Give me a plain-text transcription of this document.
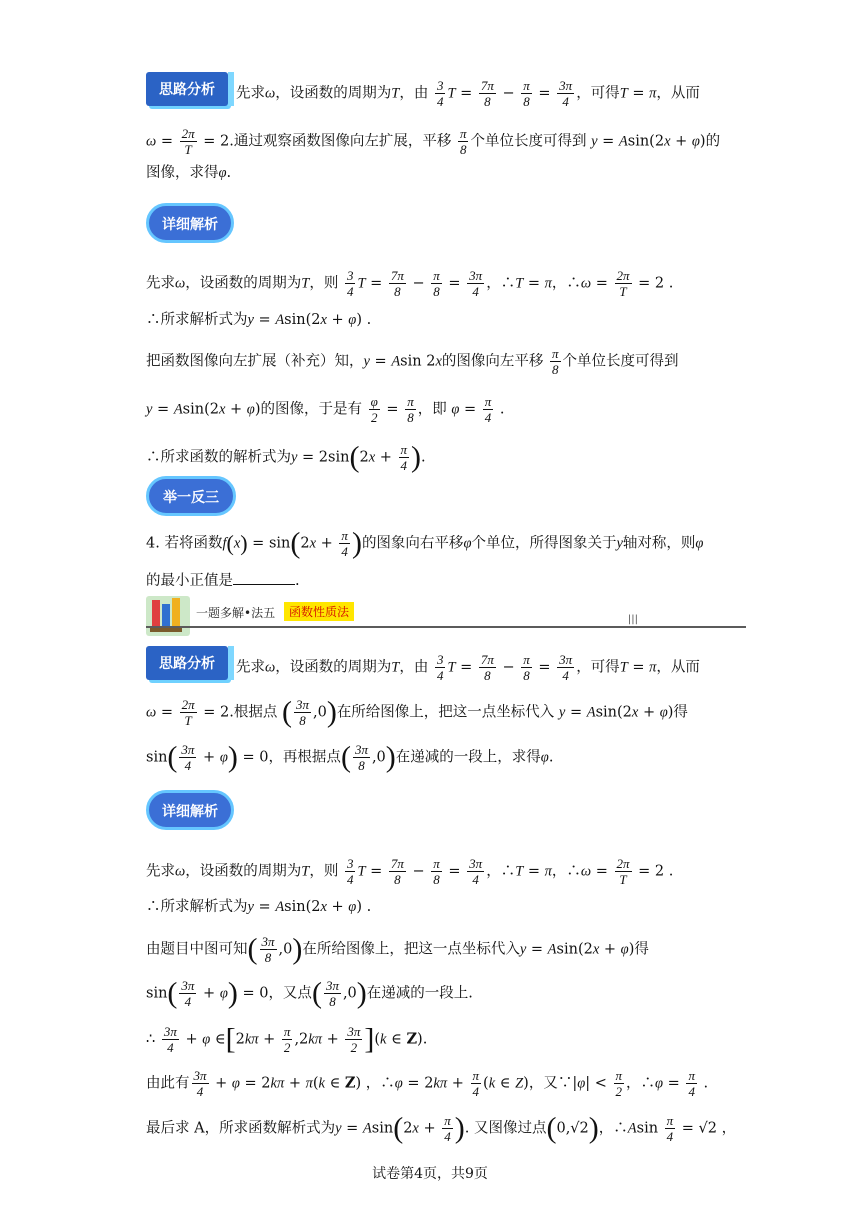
思路分析	先求ω，设函数的周期为T，由 $\frac{3}{4}$ $T = \frac{7\pi}{8} - \frac{\pi}{8} = \frac{3\pi}{4}$ ，可得T = π，从而
$\omega = \frac{2\pi}{T} = 2$.通过观察函数图像向左扩展，平移 $\frac{\pi}{8}$ 个单位长度可得到 y = Asin(2x + φ)的
图像，求得φ.
详细解析
先求ω，设函数的周期为T，则 $\frac{3}{4}$ $T = \frac{7\pi}{8} - \frac{\pi}{8} = \frac{3\pi}{4}$ ，∴T = π，∴ω = $\frac{2\pi}{T} = 2$ .
∴所求解析式为y = Asin(2x + φ) .
把函数图像向左扩展（补充）知，y = Asin 2x的图像向左平移 $\frac{\pi}{8}$ 个单位长度可得到
y = Asin(2x + φ)的图像，于是有 $\frac{\varphi}{2} = \frac{\pi}{8}$ ，即 $\varphi = \frac{\pi}{4}$ .
∴所求函数的解析式为$y = 2\sin(2x + \frac{\pi}{4}$ ).
举一反三
4. 若将函数$f(x) = \sin(2x + \frac{\pi}{4}$ )的图象向右平移φ个单位，所得图象关于y轴对称，则φ
的最小正值是	.
一题多解•法五	函数性质法
|||
思路分析	先求ω，设函数的周期为T，由 $\frac{3}{4}$ $T = \frac{7\pi}{8} - \frac{\pi}{8} = \frac{3\pi}{4}$ ，可得T = π，从而
$\omega = \frac{2\pi}{T} = 2$.根据点 ( $\frac{3\pi}{8} ,0$)在所给图像上，把这一点坐标代入 y = Asin(2x + φ)得
$\sin( \frac{3\pi}{4} + \varphi) = 0$，再根据点( $\frac{3\pi}{8} ,0$)在递减的一段上，求得φ.
详细解析
先求ω，设函数的周期为T，则 $\frac{3}{4}$ $T = \frac{7\pi}{8} - \frac{\pi}{8} = \frac{3\pi}{4}$ ，∴T = π，∴ω = $\frac{2\pi}{T} = 2$ .
∴所求解析式为y = Asin(2x + φ) .
由题目中图可知( $\frac{3\pi}{8} ,0$)在所给图像上，把这一点坐标代入y = Asin(2x + φ)得
$\sin( \frac{3\pi}{4} + \varphi) = 0$，又点( $\frac{3\pi}{8} ,0$)在递减的一段上.
∴ $\frac{3\pi}{4} + \varphi$ ∈[2kπ + $\frac{\pi}{2} ,2k\pi + \frac{3\pi}{2} ](k$ ∈ Z).
由此有 $\frac{3\pi}{4} + \varphi = 2k\pi + \pi(k$ ∈ Z) ，∴φ = $2k\pi + \frac{\pi}{4} (k$ ∈ Z)，又∵|φ| < $\frac{\pi}{2}$ ，∴φ = $\frac{\pi}{4}$ .
最后求 A，所求函数解析式为$y = Asin(2x + \frac{\pi}{4}$ ). 又图像过点(0,√2)，∴Asin $\frac{\pi}{4} = √2$ ，
试卷第4页，共9页
